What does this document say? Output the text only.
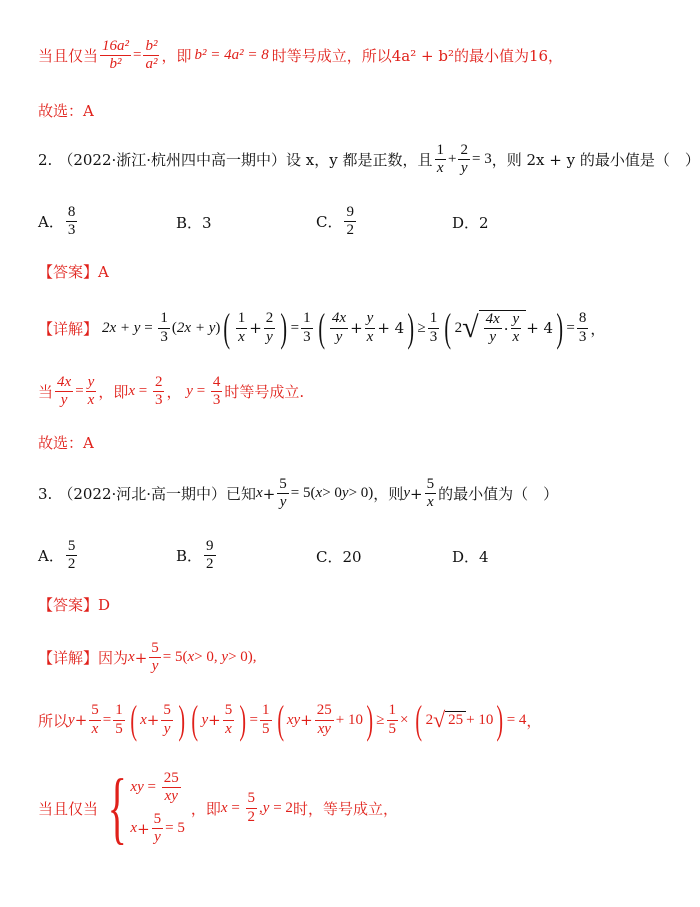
当且仅当 $\frac{\text{16a²}}{\text{b²}} = \frac{\text{b²}}{\text{a²}}$ ，即 b² = 4a² = 8 时等号成立，所以4a² + b²的最小值为16，
故选：A
2. （2022·浙江·杭州四中高一期中） 设 x，y 都是正数，且 $\frac{1}{x} + \frac{2}{y} = 3$ ，则 2x + y 的最小值是（　）
A． $\frac{8}{3}$	B． 3	C． $\frac{9}{2}$	D． 2
【答案】 A
【详解】 $2x + y = \frac{1}{3}$ ( 2x + y ) ( $\frac{1}{x} + \frac{2}{y}$ ) = $\frac{1}{3}$ ( $\frac{4x}{y} + \frac{y}{x} + 4$ ) ≥ $\frac{1}{3}$ ( 2 √ $\frac{4x}{y} \cdot \frac{y}{x} + 4$ ) = $\frac{8}{3}$ ，
当 $\frac{4x}{y} = \frac{y}{x}$ ，即 $x = \frac{2}{3}$ ， $y = \frac{4}{3}$ 时等号成立.
故选：A
3. （2022·河北·高一期中） 已知 $x + \frac{5}{y} = 5$( x > 0 y > 0) ，则 $y + \frac{5}{x}$ 的最小值为（　）
A． $\frac{5}{2}$	B． $\frac{9}{2}$	C． 20	D． 4
【答案】 D
【详解】 因为 $x + \frac{5}{y} = 5$( x > 0, y > 0),
所以 $y + \frac{5}{x} = \frac{1}{5}$ ( $x + \frac{5}{y}$ ) ( $y + \frac{5}{x}$ ) = $\frac{1}{5}$ ( xy + $\frac{25}{xy} + 10$ ) ≥ $\frac{1}{5}$ × ( 2 √ 25 + 10 ) = 4 ，
当且仅当 { xy = $\frac{25}{xy}$
$x + \frac{5}{y} = 5$
，即 $x = \frac{5}{2}$ , y = 2 时，等号成立，
